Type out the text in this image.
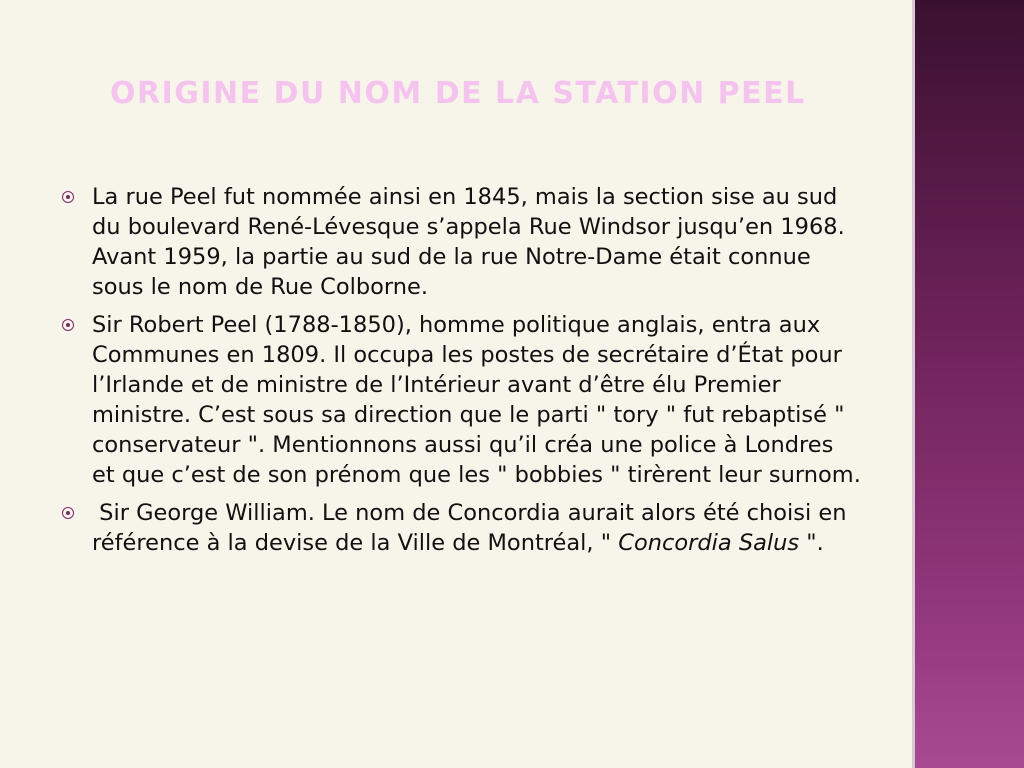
ORIGINE DU NOM DE LA STATION PEEL

La rue Peel fut nommée ainsi en 1845, mais la section sise au sud du boulevard René-Lévesque s’appela Rue Windsor jusqu’en 1968. Avant 1959, la partie au sud de la rue Notre-Dame était connue sous le nom de Rue Colborne.

Sir Robert Peel (1788-1850), homme politique anglais, entra aux Communes en 1809. Il occupa les postes de secrétaire d’État pour l’Irlande et de ministre de l’Intérieur avant d’être élu Premier ministre. C’est sous sa direction que le parti " tory " fut rebaptisé " conservateur ". Mentionnons aussi qu’il créa une police à Londres et que c’est de son prénom que les " bobbies " tirèrent leur surnom.

Sir George William. Le nom de Concordia aurait alors été choisi en référence à la devise de la Ville de Montréal, " Concordia Salus ".
